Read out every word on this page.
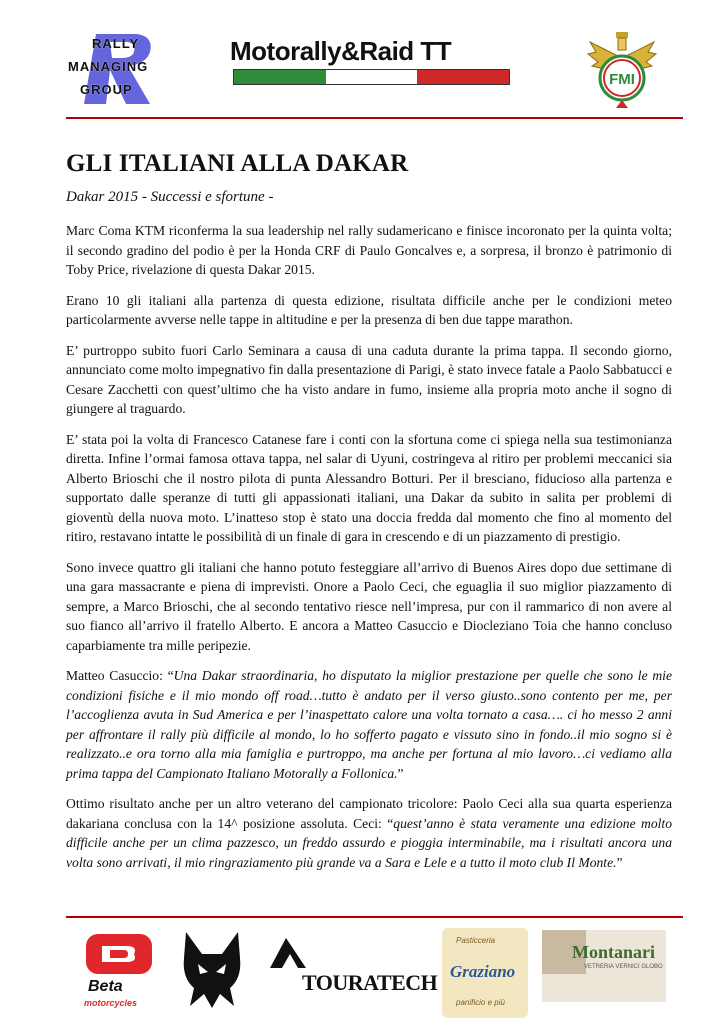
RALLY
MANAGING
GROUP
Motorally&Raid TT
FMI
GLI ITALIANI ALLA DAKAR
Dakar 2015 - Successi e sfortune -

Marc Coma KTM riconferma la sua leadership nel rally sudamericano e finisce incoronato per la quinta volta; il secondo gradino del podio è per la Honda CRF di Paulo Goncalves e, a sorpresa, il bronzo è patrimonio di Toby Price, rivelazione di questa Dakar 2015.

Erano 10 gli italiani alla partenza di questa edizione, risultata difficile anche per le condizioni meteo particolarmente avverse nelle tappe in altitudine e per la presenza di ben due tappe marathon.

E’ purtroppo subito fuori Carlo Seminara a causa di una caduta durante la prima tappa. Il secondo giorno, annunciato come molto impegnativo fin dalla presentazione di Parigi, è stato invece fatale a Paolo Sabbatucci e Cesare Zacchetti con quest’ultimo che ha visto andare in fumo, insieme alla propria moto anche il sogno di giungere al traguardo.

E’ stata poi la volta di Francesco Catanese fare i conti con la sfortuna come ci spiega nella sua testimonianza diretta. Infine l’ormai famosa ottava tappa, nel salar di Uyuni, costringeva al ritiro per problemi meccanici sia Alberto Brioschi che il nostro pilota di punta Alessandro Botturi. Per il bresciano, fiducioso alla partenza e supportato dalle speranze di tutti gli appassionati italiani, una Dakar da subito in salita per problemi di gioventù della nuova moto. L’inatteso stop è stato una doccia fredda dal momento che fino al momento del ritiro, restavano intatte le possibilità di un finale di gara in crescendo e di un piazzamento di prestigio.

Sono invece quattro gli italiani che hanno potuto festeggiare all’arrivo di Buenos Aires dopo due settimane di una gara massacrante e piena di imprevisti. Onore a Paolo Ceci, che eguaglia il suo miglior piazzamento di sempre, a Marco Brioschi, che al secondo tentativo riesce nell’impresa, pur con il rammarico di non avere al suo fianco all’arrivo il fratello Alberto. E ancora a Matteo Casuccio e Diocleziano Toia che hanno concluso caparbiamente tra mille peripezie.

Matteo Casuccio: “Una Dakar straordinaria, ho disputato la miglior prestazione per quelle che sono le mie condizioni fisiche e il mio mondo off road…tutto è andato per il verso giusto..sono contento per me, per l’accoglienza avuta in Sud America e per l’inaspettato calore una volta tornato a casa…. ci ho messo 2 anni per affrontare il rally più difficile al mondo, lo ho sofferto pagato e vissuto sino in fondo..il mio sogno si è realizzato..e ora torno alla mia famiglia e purtroppo, ma anche per fortuna al mio lavoro…ci vediamo alla prima tappa del Campionato Italiano Motorally a Follonica.”

Ottimo risultato anche per un altro veterano del campionato tricolore: Paolo Ceci alla sua quarta esperienza dakariana conclusa con la 14^ posizione assoluta. Ceci: “quest’anno è stata veramente una edizione molto difficile anche per un clima pazzesco, un freddo assurdo e pioggia interminabile, ma i risultati ancora una volta sono arrivati, il mio ringraziamento più grande va a Sara e Lele e a tutto il moto club Il Monte.”

Beta
motorcycles
TOURATECH
Pasticceria
Graziano
panificio e più
Montanari
VETRERIA VERNICI GLOBO
